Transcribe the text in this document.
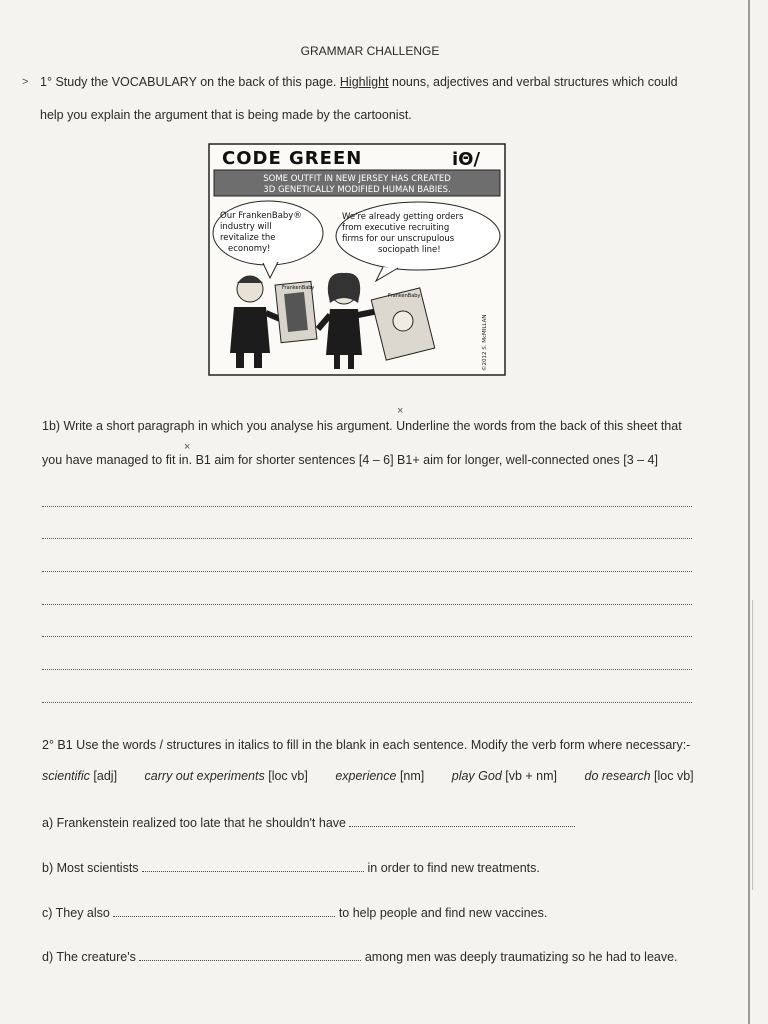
GRAMMAR CHALLENGE
> 1° Study the VOCABULARY on the back of this page. Highlight nouns, adjectives and verbal structures which could
help you explain the argument that is being made by the cartoonist.
CODE GREEN	iΘ/
SOME OUTFIT IN NEW JERSEY HAS CREATED
3D GENETICALLY MODIFIED HUMAN BABIES.
Our FrankenBaby®
industry will
revitalize the
economy!
We're already getting orders
from executive recruiting
firms for our unscrupulous
sociopath line!
FrankenBaby
FrankenBaby
©2012 S. McMILLAN
×
1b) Write a short paragraph in which you analyse his argument. Underline the words from the back of this sheet that
×
you have managed to fit in. B1 aim for shorter sentences [4 – 6] B1+ aim for longer, well-connected ones [3 – 4]
2° B1 Use the words / structures in italics to fill in the blank in each sentence. Modify the verb form where necessary:-
scientific [adj] carry out experiments [loc vb] experience [nm] play God [vb + nm] do research [loc vb]
a) Frankenstein realized too late that he shouldn't have
b) Most scientists	in order to find new treatments.
c) They also	to help people and find new vaccines.
d) The creature's	among men was deeply traumatizing so he had to leave.
